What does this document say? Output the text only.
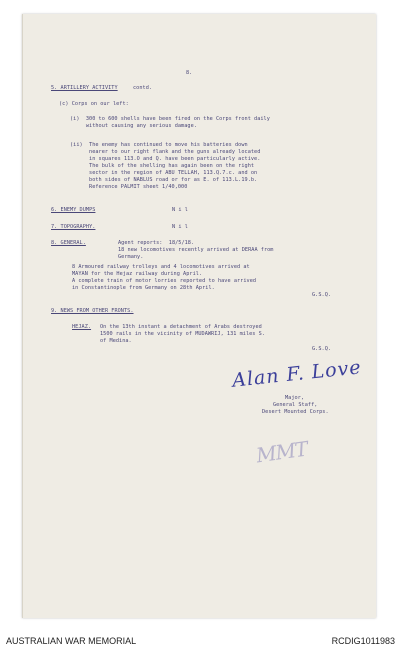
8.
5. ARTILLERY ACTIVITY	contd.
(c) Corps on our left:
(i)  300 to 600 shells have been fired on the Corps front daily
without causing any serious damage.
(ii)  The enemy has continued to move his batteries down
nearer to our right flank and the guns already located
in squares 113.O and Q. have been particularly active.
The bulk of the shelling has again been on the right
sector in the region of ABU TELLAH, 113.Q.7.c. and on
both sides of NABLUS road or for as E. of 113.L.19.b.
Reference PALMIT sheet 1/40,000
6. ENEMY DUMPS	N i l
7. TOPOGRAPHY.	N i l
8. GENERAL.	Agent reports:  18/5/18.
18 new locomotives recently arrived at DERAA from
Germany.
8 Armoured railway trolleys and 4 locomotives arrived at
MAYAN for the Hejaz railway during April.
A complete train of motor lorries reported to have arrived
in Constantinople from Germany on 28th April.
G.S.Q.
9. NEWS FROM OTHER FRONTS.
HEJAZ. On the 13th instant a detachment of Arabs destroyed
1500 rails in the vicinity of MUDAWRIJ, 131 miles S.
of Medina.
G.S.Q.
Alan F. Love
Major,
General Staff,
Desert Mounted Corps.
MMT
AUSTRALIAN WAR MEMORIAL	RCDIG1011983
